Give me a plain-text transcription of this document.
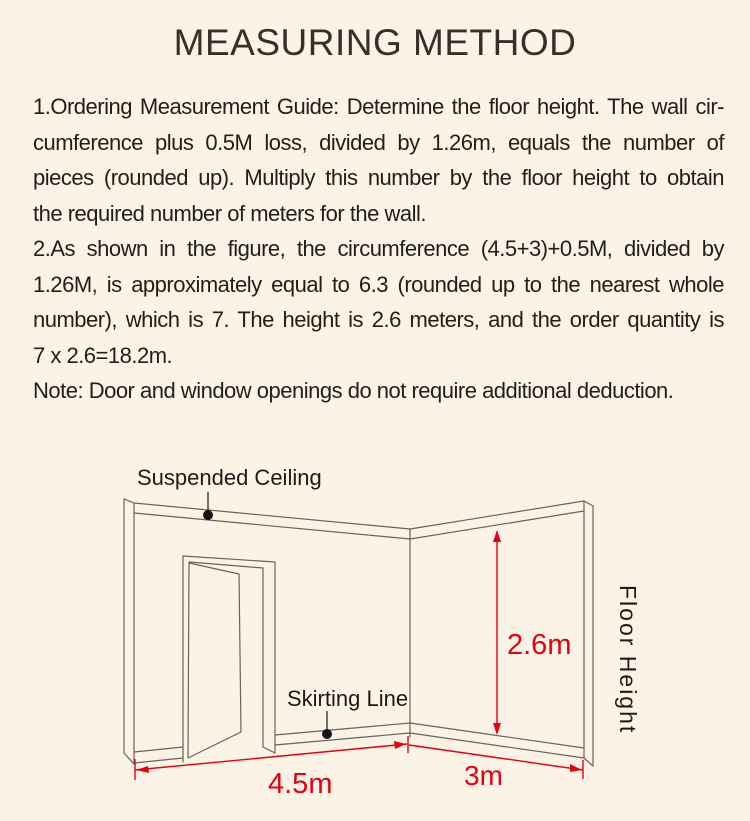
MEASURING METHOD
1.Ordering Measurement Guide: Determine the floor height. The wall cir-
cumference plus 0.5M loss, divided by 1.26m, equals the number of
pieces (rounded up). Multiply this number by the floor height to obtain
the required number of meters for the wall.
2.As shown in the figure, the circumference (4.5+3)+0.5M, divided by
1.26M, is approximately equal to 6.3 (rounded up to the nearest whole
number), which is 7. The height is 2.6 meters, and the order quantity is
7 x 2.6=18.2m.
Note: Door and window openings do not require additional deduction.
Suspended Ceiling
Skirting Line	Floor Height
2.6m
4.5m	3m
